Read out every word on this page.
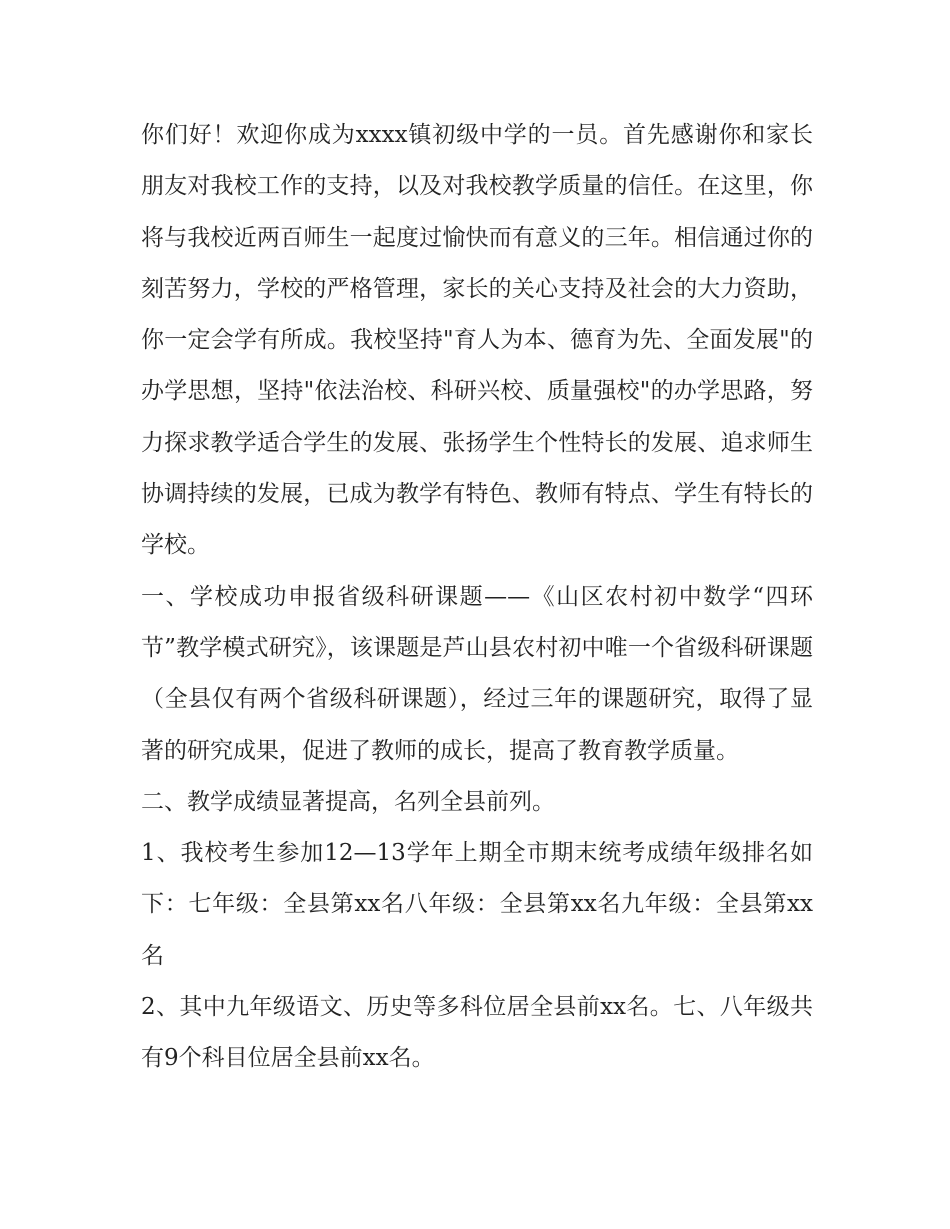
你们好！欢迎你成为xxxx镇初级中学的一员。首先感谢你和家长朋友对我校工作的支持，以及对我校教学质量的信任。在这里，你将与我校近两百师生一起度过愉快而有意义的三年。相信通过你的刻苦努力，学校的严格管理，家长的关心支持及社会的大力资助，你一定会学有所成。我校坚持"育人为本、德育为先、全面发展"的办学思想，坚持"依法治校、科研兴校、质量强校"的办学思路，努力探求教学适合学生的发展、张扬学生个性特长的发展、追求师生协调持续的发展，已成为教学有特色、教师有特点、学生有特长的学校。

一、学校成功申报省级科研课题——《山区农村初中数学“四环节”教学模式研究》，该课题是芦山县农村初中唯一个省级科研课题（全县仅有两个省级科研课题），经过三年的课题研究，取得了显著的研究成果，促进了教师的成长，提高了教育教学质量。

二、教学成绩显著提高，名列全县前列。

1、我校考生参加12—13学年上期全市期末统考成绩年级排名如下：七年级：全县第xx名八年级：全县第xx名九年级：全县第xx名

2、其中九年级语文、历史等多科位居全县前xx名。七、八年级共有9个科目位居全县前xx名。
